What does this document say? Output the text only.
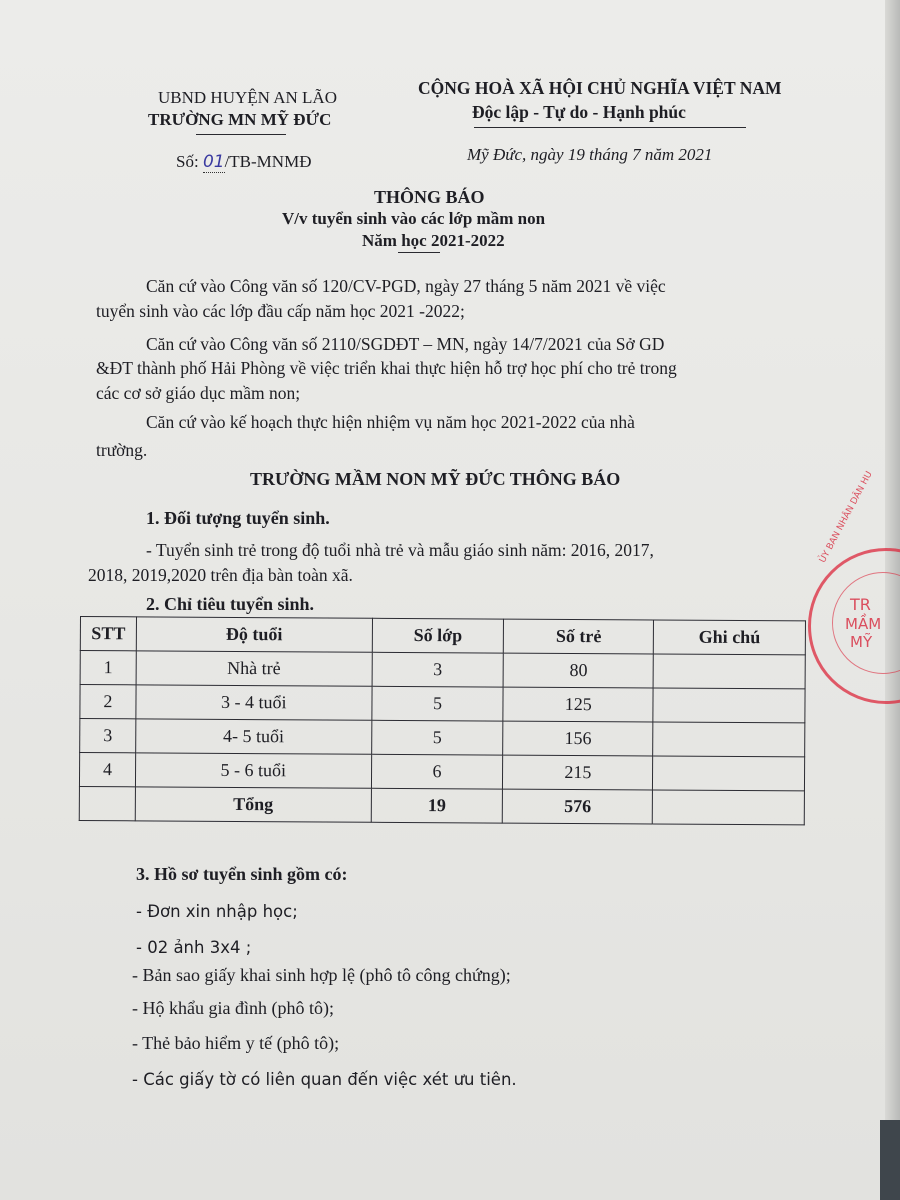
UBND HUYỆN AN LÃO
TRƯỜNG MN MỸ ĐỨC
CỘNG HOÀ XÃ HỘI CHỦ NGHĨA VIỆT NAM
Độc lập - Tự do - Hạnh phúc
Số: 01/TB-MNMĐ	Mỹ Đức, ngày 19 tháng 7 năm 2021
THÔNG BÁO
V/v tuyển sinh vào các lớp mầm non
Năm học 2021-2022
Căn cứ vào Công văn số 120/CV-PGD, ngày 27 tháng 5 năm 2021 về việc
tuyển sinh vào các lớp đầu cấp năm học 2021 -2022;
Căn cứ vào Công văn số 2110/SGDĐT – MN, ngày 14/7/2021 của Sở GD
&ĐT thành phố Hải Phòng về việc triển khai thực hiện hỗ trợ học phí cho trẻ trong
các cơ sở giáo dục mầm non;
Căn cứ vào kế hoạch thực hiện nhiệm vụ năm học 2021-2022 của nhà
trường.
TRƯỜNG MẦM NON MỸ ĐỨC THÔNG BÁO
1. Đối tượng tuyển sinh.
- Tuyển sinh trẻ trong độ tuổi nhà trẻ và mẫu giáo sinh năm: 2016, 2017,
2018, 2019,2020 trên địa bàn toàn xã.
2. Chỉ tiêu tuyển sinh.
STT	Độ tuổi	Số lớp	Số trẻ	Ghi chú
1	Nhà trẻ	3	80	
2	3 - 4 tuổi	5	125	
3	4- 5 tuổi	5	156	
4	5 - 6 tuổi	6	215	
	Tổng	19	576	
3. Hồ sơ tuyển sinh gồm có:
- Đơn xin nhập học;
- 02 ảnh 3x4 ;
- Bản sao giấy khai sinh hợp lệ (phô tô công chứng);
- Hộ khẩu gia đình (phô tô);
- Thẻ bảo hiểm y tế (phô tô);
- Các giấy tờ có liên quan đến việc xét ưu tiên.
ỦY BAN NHÂN DÂN HU
TR
MẦM
MỸ
